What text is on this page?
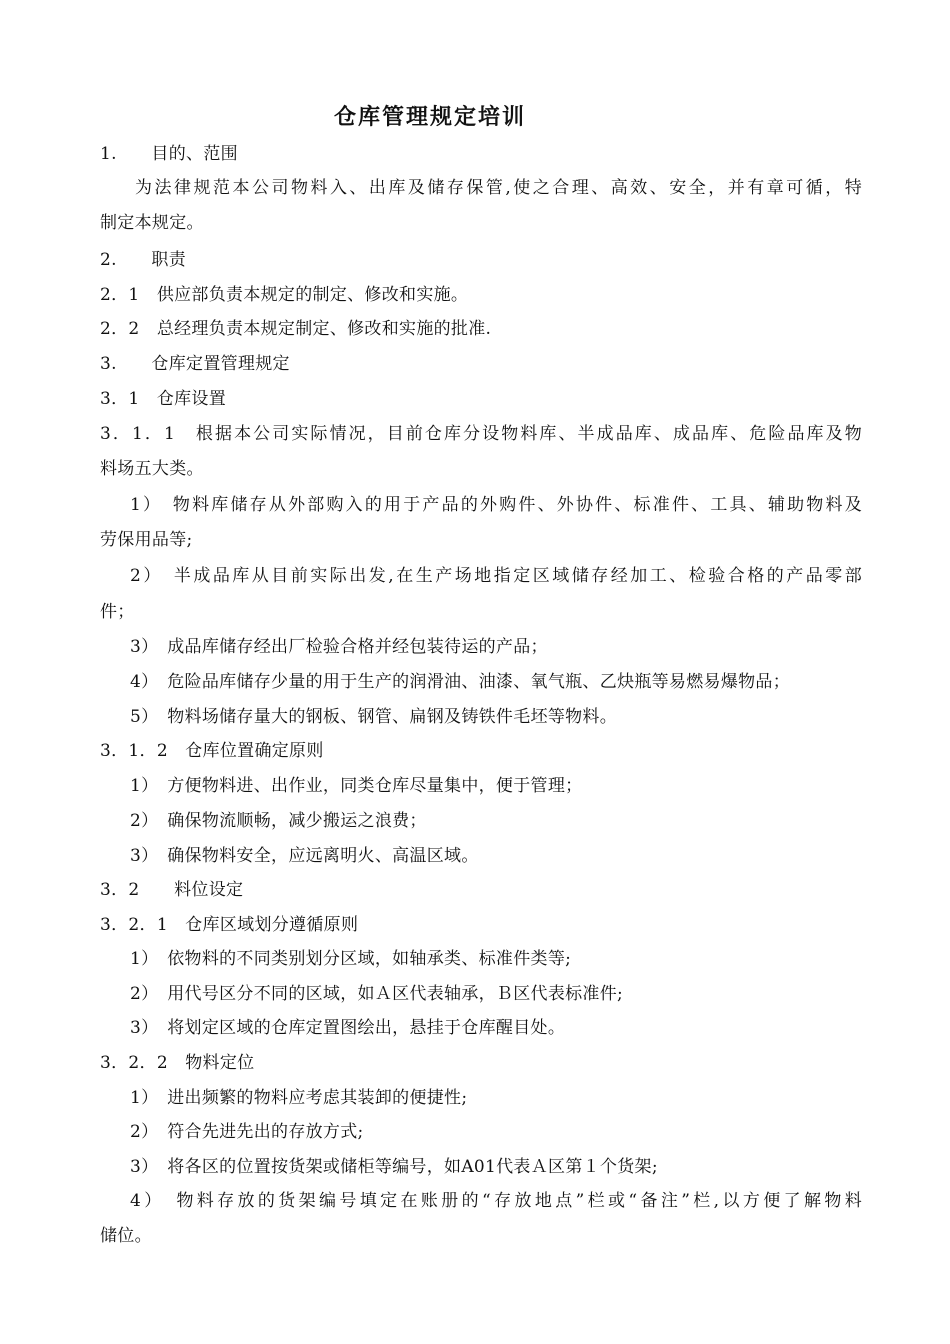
仓库管理规定培训
1.　　目的、范围
为法律规范本公司物料入、出库及储存保管,使之合理、高效、安全，并有章可循，特
制定本规定。
2.　　职责
2．1　供应部负责本规定的制定、修改和实施。
2．2　总经理负责本规定制定、修改和实施的批准.
3.　　仓库定置管理规定
3．1　仓库设置
3．1．1　根据本公司实际情况，目前仓库分设物料库、半成品库、成品库、危险品库及物
料场五大类。
1）　物料库储存从外部购入的用于产品的外购件、外协件、标准件、工具、辅助物料及
劳保用品等;
2）　半成品库从目前实际出发,在生产场地指定区域储存经加工、检验合格的产品零部
件；
3）　成品库储存经出厂检验合格并经包装待运的产品；
4）　危险品库储存少量的用于生产的润滑油、油漆、氧气瓶、乙炔瓶等易燃易爆物品；
5）　物料场储存量大的钢板、钢管、扁钢及铸铁件毛坯等物料。
3．1．2　仓库位置确定原则
1）　方便物料进、出作业，同类仓库尽量集中，便于管理；
2）　确保物流顺畅，减少搬运之浪费；
3）　确保物料安全，应远离明火、高温区域。
3．2　　料位设定
3．2．1　仓库区域划分遵循原则
1）　依物料的不同类别划分区域，如轴承类、标准件类等;
2）　用代号区分不同的区域，如Ａ区代表轴承，Ｂ区代表标准件;
3）　将划定区域的仓库定置图绘出，悬挂于仓库醒目处。
3．2．2　物料定位
1）　进出频繁的物料应考虑其装卸的便捷性;
2）　符合先进先出的存放方式;
3）　将各区的位置按货架或储柜等编号，如A01代表Ａ区第１个货架;
4）　物料存放的货架编号填定在账册的“存放地点”栏或“备注”栏,以方便了解物料
储位。
